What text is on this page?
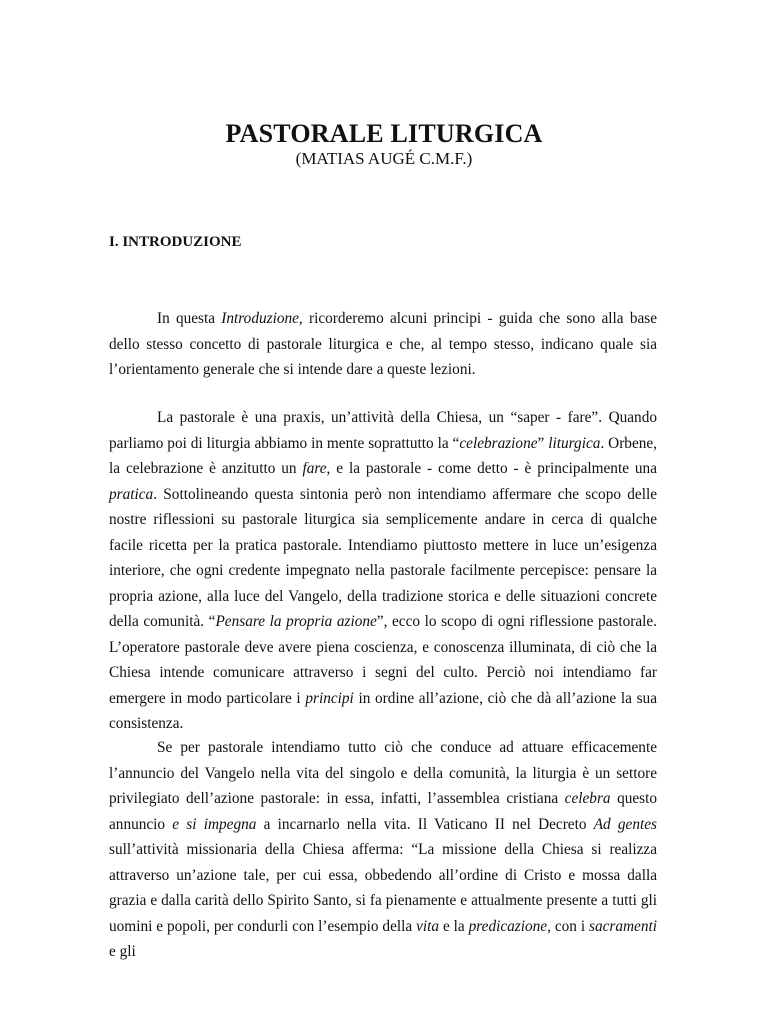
PASTORALE LITURGICA
(MATIAS AUGÉ C.M.F.)
I. INTRODUZIONE

In questa Introduzione, ricorderemo alcuni principi - guida che sono alla base dello stesso concetto di pastorale liturgica e che, al tempo stesso, indicano quale sia l’orientamento generale che si intende dare a queste lezioni.

La pastorale è una praxis, un’attività della Chiesa, un “saper - fare”. Quando parliamo poi di liturgia abbiamo in mente soprattutto la “celebrazione” liturgica. Orbene, la celebrazione è anzitutto un fare, e la pastorale - come detto - è principalmente una pratica. Sottolineando questa sintonia però non intendiamo affermare che scopo delle nostre riflessioni su pastorale liturgica sia semplicemente andare in cerca di qualche facile ricetta per la pratica pastorale. Intendiamo piuttosto mettere in luce un’esigenza interiore, che ogni credente impegnato nella pastorale facilmente percepisce: pensare la propria azione, alla luce del Vangelo, della tradizione storica e delle situazioni concrete della comunità. “Pensare la propria azione”, ecco lo scopo di ogni riflessione pastorale. L’operatore pastorale deve avere piena coscienza, e conoscenza illuminata, di ciò che la Chiesa intende comunicare attraverso i segni del culto. Perciò noi intendiamo far emergere in modo particolare i principi in ordine all’azione, ciò che dà all’azione la sua consistenza.

Se per pastorale intendiamo tutto ciò che conduce ad attuare efficacemente l’annuncio del Vangelo nella vita del singolo e della comunità, la liturgia è un settore privilegiato dell’azione pastorale: in essa, infatti, l’assemblea cristiana celebra questo annuncio e si impegna a incarnarlo nella vita. Il Vaticano II nel Decreto Ad gentes sull’attività missionaria della Chiesa afferma: “La missione della Chiesa si realizza attraverso un’azione tale, per cui essa, obbedendo all’ordine di Cristo e mossa dalla grazia e dalla carità dello Spirito Santo, si fa pienamente e attualmente presente a tutti gli uomini e popoli, per condurli con l’esempio della vita e la predicazione, con i sacramenti e gli
